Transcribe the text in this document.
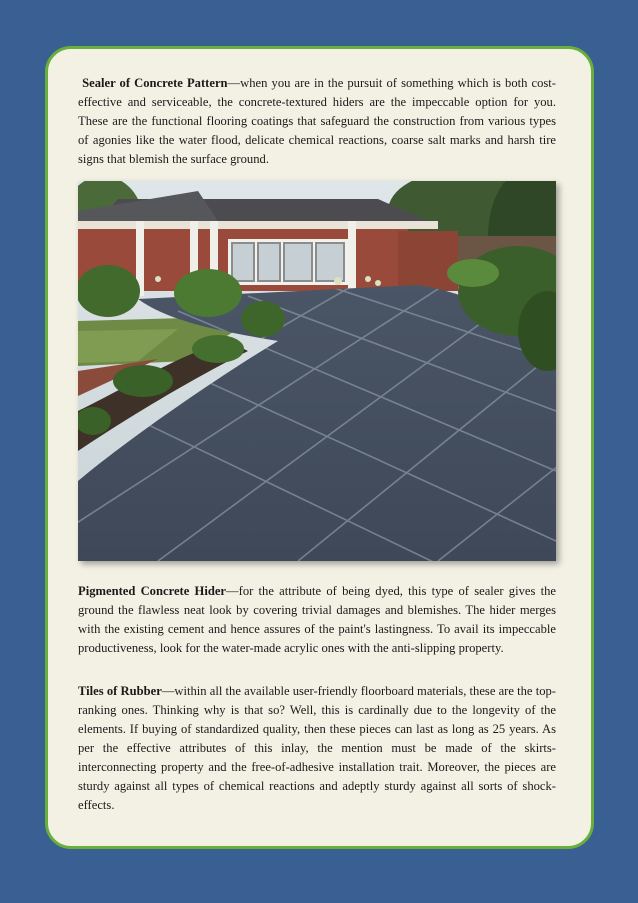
Sealer of Concrete Pattern—when you are in the pursuit of something which is both cost-effective and serviceable, the concrete-textured hiders are the impeccable option for you. These are the functional flooring coatings that safeguard the construction from various types of agonies like the water flood, delicate chemical reactions, coarse salt marks and harsh tire signs that blemish the surface ground.

Pigmented Concrete Hider—for the attribute of being dyed, this type of sealer gives the ground the flawless neat look by covering trivial damages and blemishes. The hider merges with the existing cement and hence assures of the paint's lastingness. To avail its impeccable productiveness, look for the water-made acrylic ones with the anti-slipping property.

Tiles of Rubber—within all the available user-friendly floorboard materials, these are the top-ranking ones. Thinking why is that so? Well, this is cardinally due to the longevity of the elements. If buying of standardized quality, then these pieces can last as long as 25 years. As per the effective attributes of this inlay, the mention must be made of the skirts-interconnecting property and the free-of-adhesive installation trait. Moreover, the pieces are sturdy against all types of chemical reactions and adeptly sturdy against all sorts of shock-effects.
